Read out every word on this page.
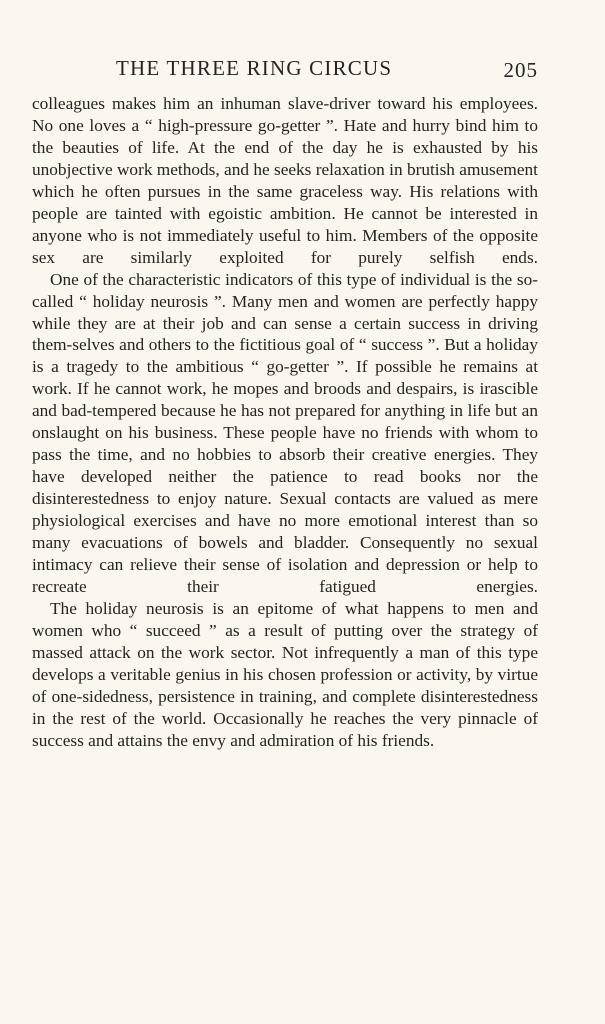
THE THREE RING CIRCUS	205

colleagues makes him an inhuman slave-driver toward his employees. No one loves a “ high-pressure go-getter ”. Hate and hurry bind him to the beauties of life. At the end of the day he is exhausted by his unobjective work methods, and he seeks relaxation in brutish amusement which he often pursues in the same graceless way. His relations with people are tainted with egoistic ambition. He cannot be interested in anyone who is not immediately useful to him. Members of the opposite sex are similarly exploited for purely selfish ends.

One of the characteristic indicators of this type of individual is the so-called “ holiday neurosis ”. Many men and women are perfectly happy while they are at their job and can sense a certain success in driving them-selves and others to the fictitious goal of “ success ”. But a holiday is a tragedy to the ambitious “ go-getter ”. If possible he remains at work. If he cannot work, he mopes and broods and despairs, is irascible and bad-tempered because he has not prepared for anything in life but an onslaught on his business. These people have no friends with whom to pass the time, and no hobbies to absorb their creative energies. They have developed neither the patience to read books nor the disinterestedness to enjoy nature. Sexual contacts are valued as mere physiological exercises and have no more emotional interest than so many evacuations of bowels and bladder. Consequently no sexual intimacy can relieve their sense of isolation and depression or help to recreate their fatigued energies.

The holiday neurosis is an epitome of what happens to men and women who “ succeed ” as a result of putting over the strategy of massed attack on the work sector. Not infrequently a man of this type develops a veritable genius in his chosen profession or activity, by virtue of one-sidedness, persistence in training, and complete disinterestedness in the rest of the world. Occasionally he reaches the very pinnacle of success and attains the envy and admiration of his friends.
